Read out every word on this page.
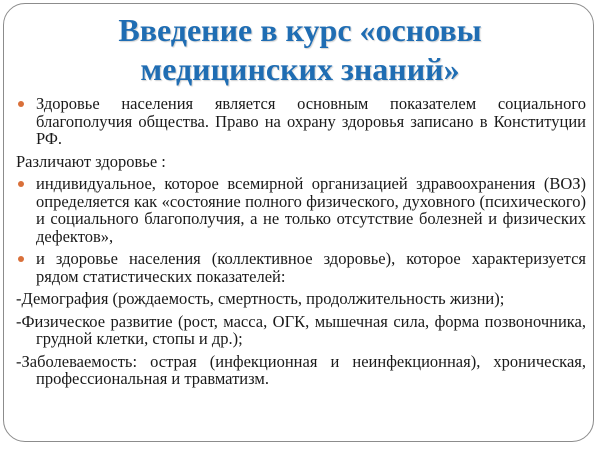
Введение в курс «основы
медицинских знаний»
Здоровье населения является основным показателем социального благополучия общества. Право на охрану здоровья записано в Конституции РФ.
Различают здоровье :
индивидуальное, которое всемирной организацией здравоохранения (ВОЗ) определяется как «состояние полного физического, духовного (психического) и социального благополучия, а не только отсутствие болезней и физических дефектов»,
и здоровье населения (коллективное здоровье), которое характеризуется рядом статистических показателей:
-Демография (рождаемость, смертность, продолжительность жизни);
-Физическое развитие (рост, масса, ОГК, мышечная сила, форма позвоночника, грудной клетки, стопы и др.);
-Заболеваемость: острая (инфекционная и неинфекционная), хроническая, профессиональная и травматизм.
